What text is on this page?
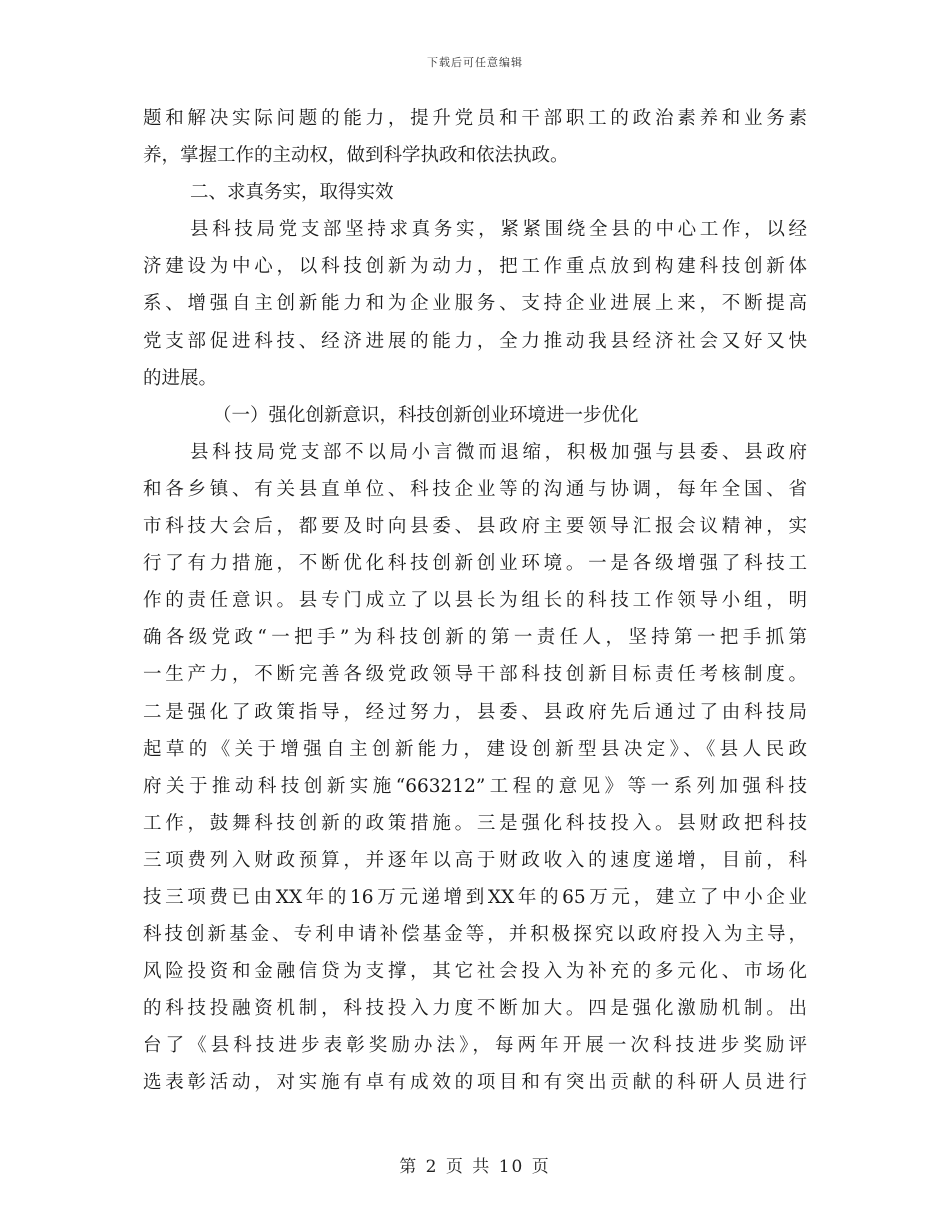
下载后可任意编辑
题和解决实际问题的能力，提升党员和干部职工的政治素养和业务素
养，掌握工作的主动权，做到科学执政和依法执政。
二、求真务实，取得实效
县科技局党支部坚持求真务实，紧紧围绕全县的中心工作，以经
济建设为中心，以科技创新为动力，把工作重点放到构建科技创新体
系、增强自主创新能力和为企业服务、支持企业进展上来，不断提高
党支部促进科技、经济进展的能力，全力推动我县经济社会又好又快
的进展。
（一）强化创新意识，科技创新创业环境进一步优化
县科技局党支部不以局小言微而退缩，积极加强与县委、县政府
和各乡镇、有关县直单位、科技企业等的沟通与协调，每年全国、省
市科技大会后，都要及时向县委、县政府主要领导汇报会议精神，实
行了有力措施，不断优化科技创新创业环境。一是各级增强了科技工
作的责任意识。县专门成立了以县长为组长的科技工作领导小组，明
确各级党政“一把手”为科技创新的第一责任人，坚持第一把手抓第
一生产力，不断完善各级党政领导干部科技创新目标责任考核制度。
二是强化了政策指导，经过努力，县委、县政府先后通过了由科技局
起草的《关于增强自主创新能力，建设创新型县决定》、《县人民政
府关于推动科技创新实施“663212”工程的意见》等一系列加强科技
工作，鼓舞科技创新的政策措施。三是强化科技投入。县财政把科技
三项费列入财政预算，并逐年以高于财政收入的速度递增，目前，科
技三项费已由XX年的16万元递增到XX年的65万元，建立了中小企业
科技创新基金、专利申请补偿基金等，并积极探究以政府投入为主导，
风险投资和金融信贷为支撑，其它社会投入为补充的多元化、市场化
的科技投融资机制，科技投入力度不断加大。四是强化激励机制。出
台了《县科技进步表彰奖励办法》，每两年开展一次科技进步奖励评
选表彰活动，对实施有卓有成效的项目和有突出贡献的科研人员进行
第 2 页 共 10 页
